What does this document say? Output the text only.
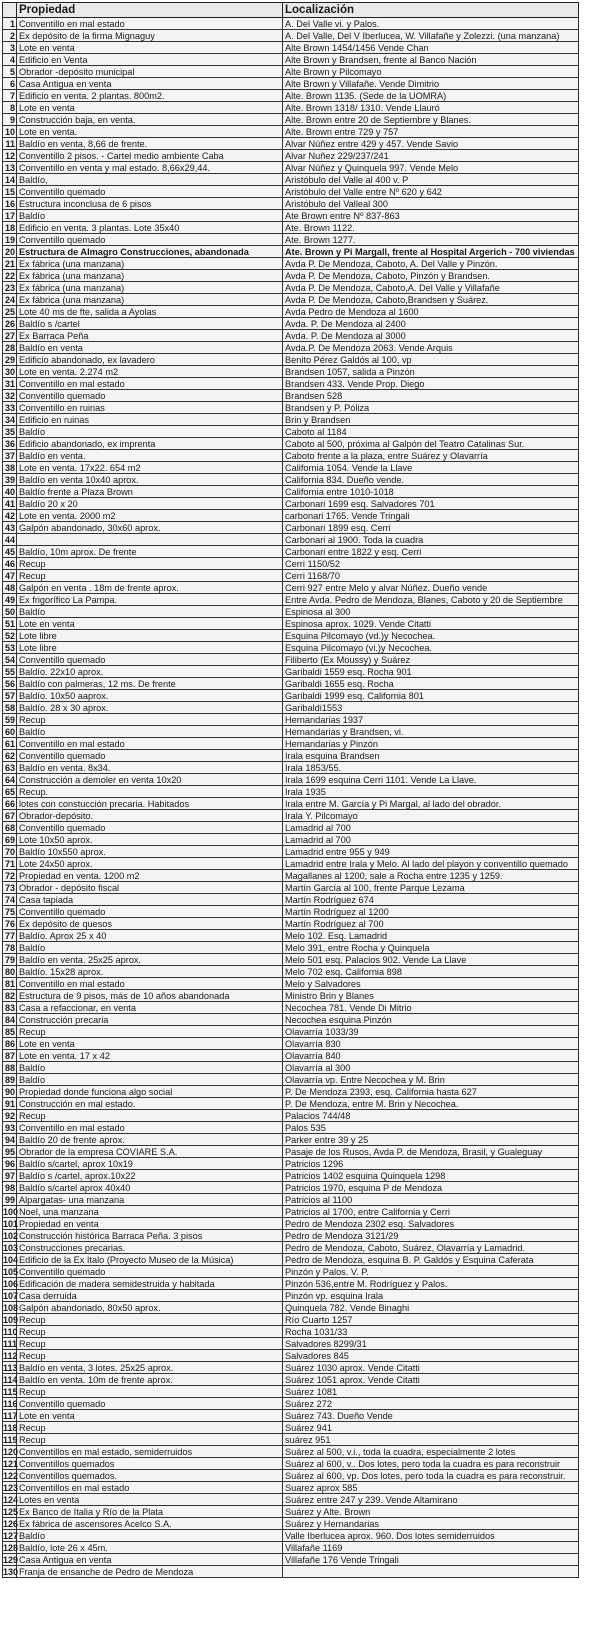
	Propiedad	Localización
1	Conventillo en mal estado	A. Del Valle vi. y Palos.
2	Ex depósito de la firma Mignaguy	A. Del Valle, Del V Iberlucea, W. Villafañe y Zolezzi. (una manzana)
3	Lote en venta	Alte Brown 1454/1456 Vende Chan
4	Edificio en Venta	Alte Brown y Brandsen, frente al Banco Nación
5	Obrador -depósito municipal	Alte Brown y Pilcomayo
6	Casa Antigua en venta	Alte Brown y Villafañe. Vende Dimitrio
7	Edificio en venta. 2 plantas. 800m2.	Alte. Brown 1135. (Sede de la UOMRA)
8	Lote en venta	Alte. Brown 1318/ 1310. Vende Llauró
9	Construcción baja, en venta.	Alte. Brown entre 20 de Septiembre y Blanes.
10	Lote en venta.	Alte. Brown entre 729 y 757
11	Baldío en venta, 8,66 de frente.	Alvar Núñez entre 429 y 457. Vende Savio
12	Conventillo 2 pisos. - Cartel medio ambiente Caba	Alvar Nuñez 229/237/241
13	Conventillo en venta y mal estado. 8,66x29,44.	Alvar Núñez y Quinquela 997. Vende Melo
14	Baldío,	Aristóbulo del Valle al 400 v. P
15	Conventillo quemado	Aristóbulo del Valle entre Nº 620 y 642
16	Estructura inconclusa de 6 pisos	Aristóbulo del Valleal 300
17	Baldío	Ate Brown entre Nº 837-863
18	Edificio en venta. 3 plantas. Lote 35x40	Ate. Brown 1122.
19	Conventillo quemado	Ate. Brown 1277.
20	Estructura de Almagro Construcciones, abandonada	Ate. Brown y Pi Margall, frente al Hospital Argerich - 700 viviendas
21	Ex fábrica (una manzana)	Avda P. De Mendoza, Caboto, A. Del Valle y Pinzón.
22	Ex fábrica (una manzana)	Avda P. De Mendoza, Caboto, Pinzón y Brandsen.
23	Ex fábrica (una manzana)	Avda P. De Mendoza, Caboto,A. Del Valle y Villafañe
24	Ex fábrica (una manzana)	Avda P. De Mendoza, Caboto,Brandsen y Suárez.
25	Lote 40 ms de fte, salida a Ayolas	Avda Pedro de Mendoza al 1600
26	Baldío s /cartel	Avda. P. De Mendoza al 2400
27	Ex Barraca Peña	Avda. P. De Mendoza al 3000
28	Baldío en venta	Avda.P. De Mendoza 2063. Vende Arquis
29	Edificio abandonado, ex lavadero	Benito Pérez Galdós al 100, vp
30	Lote en venta. 2.274 m2	Brandsen 1057, salida a Pinzón
31	Conventillo en mal estado	Brandsen 433. Vende Prop. Diego
32	Conventillo quemado	Brandsen 528
33	Conventillo en ruinas	Brandsen y P. Póliza
34	Edificio en ruinas	Brin y Brandsen
35	Baldío	Caboto al 1184
36	Edificio abandonado, ex imprenta	Caboto al 500, próxima al Galpón del Teatro Catalinas Sur.
37	Baldío en venta.	Caboto frente a la plaza, entre Suárez y Olavarría
38	Lote en venta. 17x22. 654 m2	California 1054. Vende la Llave
39	Baldío en venta 10x40 aprox.	California 834. Dueño vende.
40	Baldío frente a Plaza Brown	California entre 1010-1018
41	Baldío 20 x 20	Carbonari 1699 esq. Salvadores 701
42	Lote en venta. 2000 m2	carbonari 1765. Vende Tringali
43	Galpón abandonado, 30x60 aprox.	Carbonari 1899 esq. Cerri
44		Carbonari al 1900. Toda la cuadra
45	Baldío, 10m aprox. De frente	Carbonari entre 1822 y esq. Cerri
46	Recup	Cerri 1150/52
47	Recup	Cerri 1168/70
48	Galpón en venta . 18m de frente aprox.	Cerri 927 entre Melo y alvar Núñez. Dueño vende
49	Ex frigorífico La Pampa.	Entre Avda. Pedro de Mendoza, Blanes, Caboto y 20 de Septiembre
50	Baldío	Espinosa al 300
51	Lote en venta	Espinosa aprox. 1029. Vende Citatti
52	Lote libre	Esquina Pilcomayo (vd.)y Necochea.
53	Lote libre	Esquina Pilcomayo (vi.)y Necochea.
54	Conventillo quemado	Filiberto (Ex Moussy) y Suárez
55	Baldío. 22x10 aprox.	Garibaldi 1559 esq. Rocha 901
56	Baldío con palmeras, 12 ms. De frente	Garibaldi 1655 esq. Rocha
57	Baldío. 10x50 aaprox.	Garibaldi 1999 esq. California 801
58	Baldío. 28 x 30 aprox.	Garibaldi1553
59	Recup	Hernandarias 1937
60	Baldío	Hernandarias y Brandsen, vi.
61	Conventillo en mal estado	Hernandarias y Pinzón
62	Conventillo quemado	Irala esquina Brandsen
63	Baldío en venta. 8x34.	Irala 1853/55.
64	Construcción a demoler en venta 10x20	Irala 1699 esquina Cerri 1101. Vende La Llave.
65	Recup.	Irala 1935
66	lotes con constucción precaria. Habitados	Irala entre M. García y Pi Margal, al lado del obrador.
67	Obrador-depósito.	Irala Y. Pilcomayo
68	Conventillo quemado	Lamadrid al 700
69	Lote 10x50 aprox.	Lamadrid al 700
70	Baldío 10x550 aprox.	Lamadrid entre 955 y 949
71	Lote 24x50 aprox.	Lamadrid entre Irala y Melo. Al lado del playon y conventillo quemado
72	Propiedad en venta. 1200 m2	Magallanes al 1200, sale a Rocha entre 1235 y 1259.
73	Obrador - depósito fiscal	Martín García al 100, frente Parque Lezama
74	Casa tapiada	Martín Rodríguez 674
75	Conventillo quemado	Martín Rodríguez al 1200
76	Ex depósito de quesos	Martín Rodríguez al 700
77	Baldío. Aprox 25 x 40	Melo 102. Esq. Lamadrid
78	Baldío	Melo 391, entre Rocha y Quinquela
79	Baldío en venta. 25x25 aprox.	Melo 501 esq. Palacios 902. Vende La Llave
80	Baldío. 15x28 aprox.	Melo 702 esq. California 898
81	Conventillo en mal estado	Melo y Salvadores
82	Estructura de 9 pisos, más de 10 años abandonada	Ministro Brin y Blanes
83	Casa a refaccionar, en venta	Necochea 781. Vende Di Mitrio
84	Construcción precaria	Necochea esquina Pinzón
85	Recup	Olavarría 1033/39
86	Lote en venta	Olavarría 830
87	Lote en venta. 17 x 42	Olavarría 840
88	Baldío	Olavarría al 300
89	Baldío	Olavarría vp. Entre Necochea y M. Brin
90	Propiedad donde funciona algo social	P. De Mendoza 2393, esq. California hasta 627
91	Construcción en mal estado.	P. De Mendoza, entre M. Brin y Necochea.
92	Recup	Palacios 744/48
93	Conventillo en mal estado	Palos 535
94	Baldío 20 de frente aprox.	Parker entre 39 y 25
95	Obrador de la empresa COVIARE S.A.	Pasaje de los Rusos, Avda P. de Mendoza, Brasil, y Gualeguay
96	Baldío s/cartel, aprox 10x19	Patricios 1296
97	Baldío s /cartel, aprox.10x22	Patricios 1402 esquina Quinquela 1298
98	Baldío s/cartel aprox 40x40	Patricios 1970, esquina P de Mendoza
99	Alpargatas- una manzana	Patricios al 1100
100	Noel, una manzana	Patricios al 1700, entre California y Cerri
101	Propiedad en venta	Pedro de Mendoza 2302 esq. Salvadores
102	Construcción histórica Barraca Peña. 3 pisos	Pedro de Mendoza 3121/29
103	Construcciones precarias.	Pedro de Mendoza, Caboto, Suárez, Olavarría y Lamadrid.
104	Edificio de la Ex Italo (Proyecto Museo de la Música)	Pedro de Mendoza, esquina B. P. Galdós y Esquina Caferata
105	Conventillo quemado	Pinzón y Palos. V. P.
106	Edificación de madera semidestruida y habitada	Pinzón 536,entre M. Rodríguez y Palos.
107	Casa derruida	Pinzón vp. esquina Irala
108	Galpón abandonado, 80x50 aprox.	Quinquela 782. Vende Binaghi
109	Recup	Río Cuarto 1257
110	Recup	Rocha 1031/33
111	Recup	Salvadores 8299/31
112	Recup	Salvadores 845
113	Baldío en venta, 3 lotes. 25x25 aprox.	Suárez 1030 aprox. Vende Citatti
114	Baldío en venta. 10m de frente aprox.	Suárez 1051 aprox. Vende Citatti
115	Recup	Suárez 1081
116	Conventillo quemado	Suárez 272
117	Lote en venta	Suárez 743. Dueño Vende
118	Recup	Suárez 941
119	Recup	suárez 951
120	Conventillos en mal estado, semiderruidos	Suárez al 500, v.i., toda la cuadra, especialmente 2 lotes
121	Conventillos quemados	Suárez al 600, v.. Dos lotes, pero toda la cuadra es para reconstruir
122	Conventillos quemados.	Suárez al 600, vp. Dos lotes, pero toda la cuadra es para reconstruir.
123	Conventillos en mal estado	Suarez aprox 585
124	Lotes en venta	Suárez entre 247 y 239. Vende Altamirano
125	Ex Banco de Italia y Río de la Plata	Suárez y Alte. Brown
126	Ex fábrica de ascensores Acelco S.A.	Suárez y Hernandarias
127	Baldío	Valle Iberlucea aprox. 960. Dos lotes semiderruidos
128	Baldío, lote 26 x 45m.	Villafañe 1169
129	Casa Antigua en venta	Villafañe 176 Vende Tringali
130	Franja de ensanche de Pedro de Mendoza	
